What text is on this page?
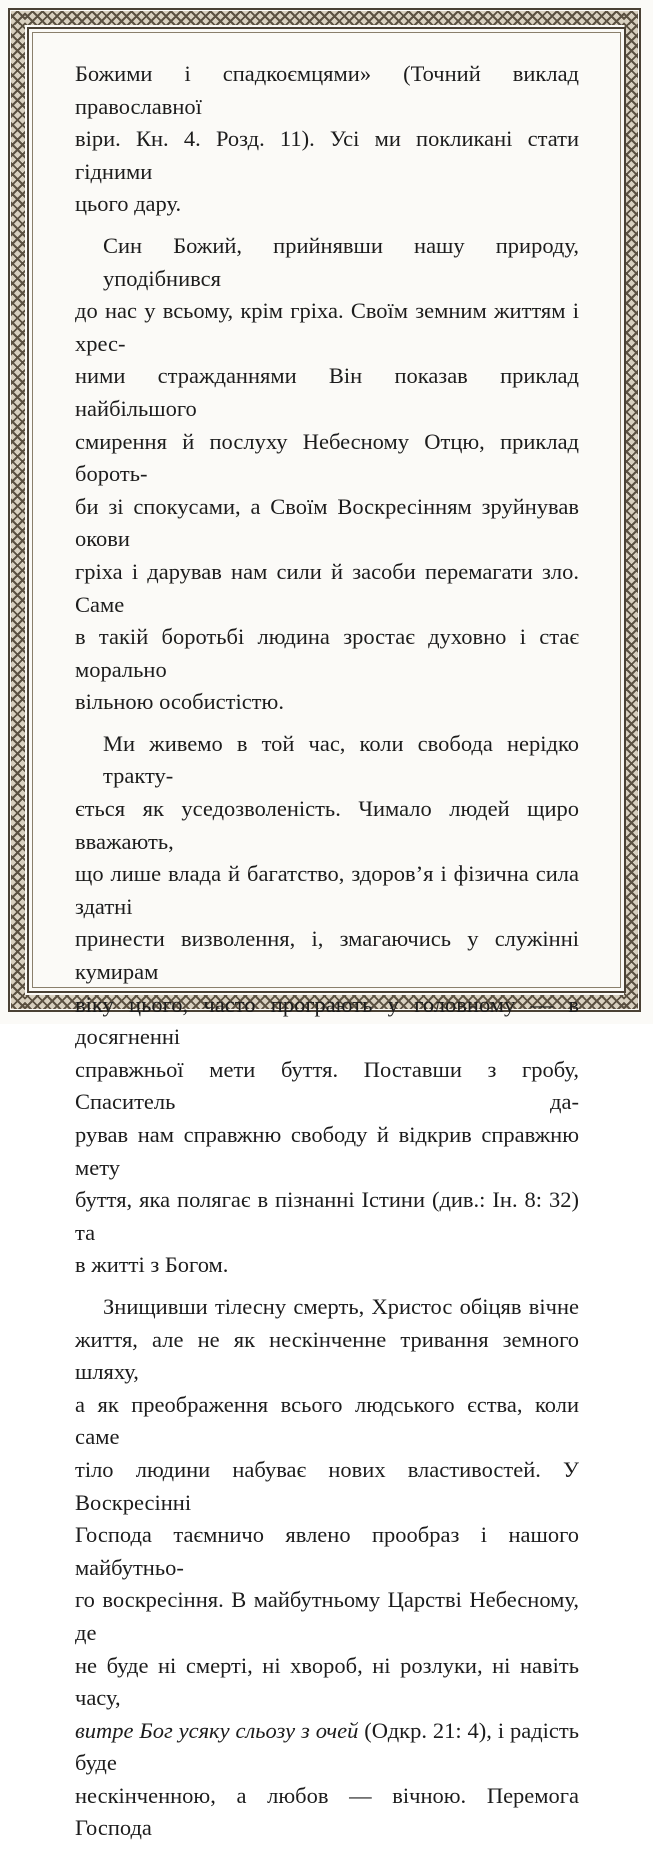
Божими і спадкоємцями» (Точний виклад православної
віри. Кн. 4. Розд. 11). Усі ми покликані стати гідними
цього дару.

Син Божий, прийнявши нашу природу, уподібнився
до нас у всьому, крім гріха. Своїм земним життям і хрес-
ними стражданнями Він показав приклад найбільшого
смирення й послуху Небесному Отцю, приклад бороть-
би зі спокусами, а Своїм Воскресінням зруйнував окови
гріха і дарував нам сили й засоби перемагати зло. Саме
в такій боротьбі людина зростає духовно і стає морально
вільною особистістю.

Ми живемо в той час, коли свобода нерідко тракту-
ється як уседозволеність. Чимало людей щиро вважають,
що лише влада й багатство, здоров’я і фізична сила здатні
принести визволення, і, змагаючись у служінні кумирам
віку цього, часто програють у головному — в досягненні
справжньої мети буття. Поставши з гробу, Спаситель да-
рував нам справжню свободу й відкрив справжню мету
буття, яка полягає в пізнанні Істини (див.: Ін. 8: 32) та
в житті з Богом.

Знищивши тілесну смерть, Христос обіцяв вічне
життя, але не як нескінченне тривання земного шляху,
а як преображення всього людського єства, коли саме
тіло людини набуває нових властивостей. У Воскресінні
Господа таємничо явлено прообраз і нашого майбутньо-
го воскресіння. В майбутньому Царстві Небесному, де
не буде ні смерті, ні хвороб, ні розлуки, ні навіть часу,
витре Бог усяку сльозу з очей (Одкр. 21: 4), і радість буде
нескінченною, а любов — вічною. Перемога Господа
